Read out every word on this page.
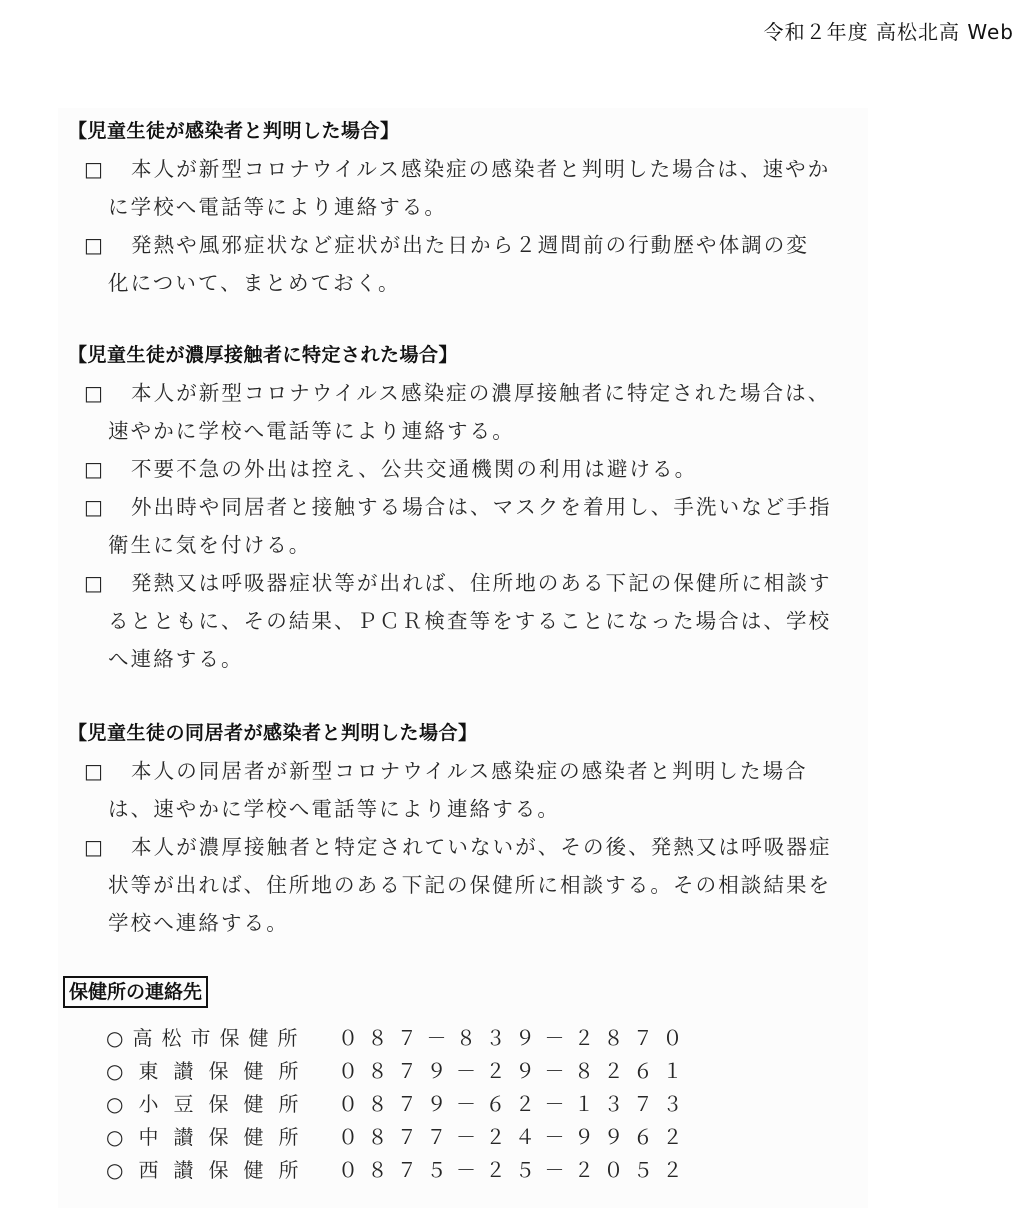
令和２年度 高松北高 Web
【児童生徒が感染者と判明した場合】
□	本人が新型コロナウイルス感染症の感染者と判明した場合は、速やか
に学校へ電話等により連絡する。
□	発熱や風邪症状など症状が出た日から２週間前の行動歴や体調の変
化について、まとめておく。
【児童生徒が濃厚接触者に特定された場合】
□	本人が新型コロナウイルス感染症の濃厚接触者に特定された場合は、
速やかに学校へ電話等により連絡する。
□	不要不急の外出は控え、公共交通機関の利用は避ける。
□	外出時や同居者と接触する場合は、マスクを着用し、手洗いなど手指
衛生に気を付ける。
□	発熱又は呼吸器症状等が出れば、住所地のある下記の保健所に相談す
るとともに、その結果、ＰＣＲ検査等をすることになった場合は、学校
へ連絡する。
【児童生徒の同居者が感染者と判明した場合】
□	本人の同居者が新型コロナウイルス感染症の感染者と判明した場合
は、速やかに学校へ電話等により連絡する。
□	本人が濃厚接触者と特定されていないが、その後、発熱又は呼吸器症
状等が出れば、住所地のある下記の保健所に相談する。その相談結果を
学校へ連絡する。
保健所の連絡先
○高松市保健所 ０８７－８３９－２８７０
○東讃保健所 ０８７９－２９－８２６１
○小豆保健所 ０８７９－６２－１３７３
○中讃保健所 ０８７７－２４－９９６２
○西讃保健所 ０８７５－２５－２０５２
